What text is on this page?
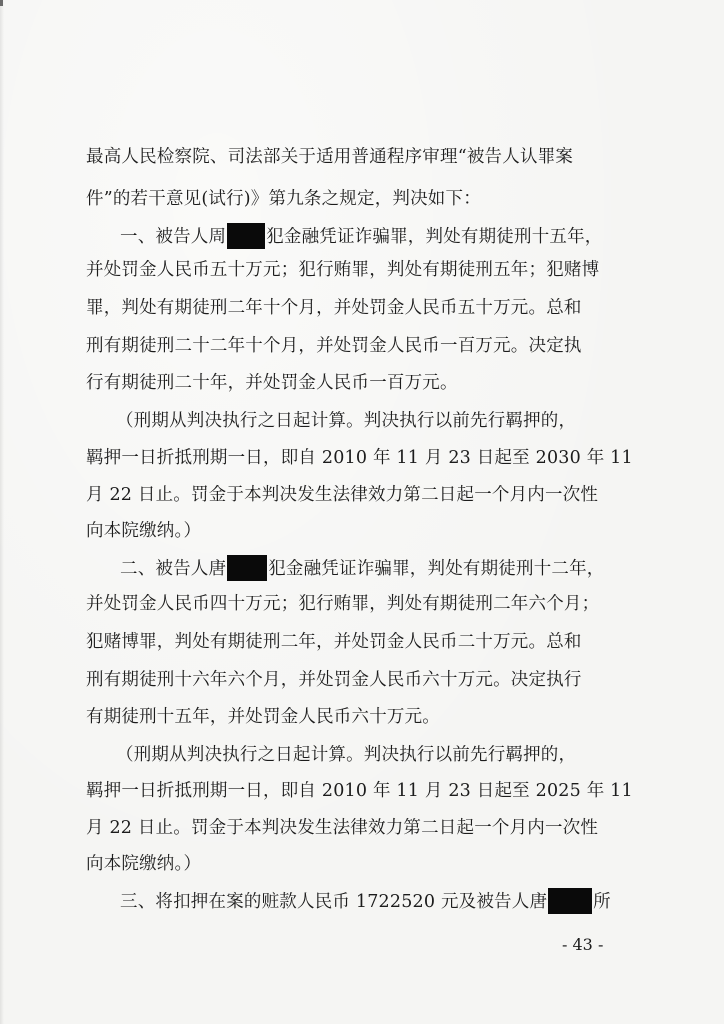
最高人民检察院、司法部关于适用普通程序审理“被告人认罪案
件”的若干意见(试行)》第九条之规定，判决如下：
一、被告人周 犯金融凭证诈骗罪，判处有期徒刑十五年，
并处罚金人民币五十万元；犯行贿罪，判处有期徒刑五年；犯赌博
罪，判处有期徒刑二年十个月，并处罚金人民币五十万元。总和
刑有期徒刑二十二年十个月，并处罚金人民币一百万元。决定执
行有期徒刑二十年，并处罚金人民币一百万元。
（刑期从判决执行之日起计算。判决执行以前先行羁押的，
羁押一日折抵刑期一日，即自 2010 年 11 月 23 日起至 2030 年 11
月 22 日止。罚金于本判决发生法律效力第二日起一个月内一次性
向本院缴纳。）
二、被告人唐 犯金融凭证诈骗罪，判处有期徒刑十二年，
并处罚金人民币四十万元；犯行贿罪，判处有期徒刑二年六个月；
犯赌博罪，判处有期徒刑二年，并处罚金人民币二十万元。总和
刑有期徒刑十六年六个月，并处罚金人民币六十万元。决定执行
有期徒刑十五年，并处罚金人民币六十万元。
（刑期从判决执行之日起计算。判决执行以前先行羁押的，
羁押一日折抵刑期一日，即自 2010 年 11 月 23 日起至 2025 年 11
月 22 日止。罚金于本判决发生法律效力第二日起一个月内一次性
向本院缴纳。）
三、将扣押在案的赃款人民币 1722520 元及被告人唐	所
- 43 -
